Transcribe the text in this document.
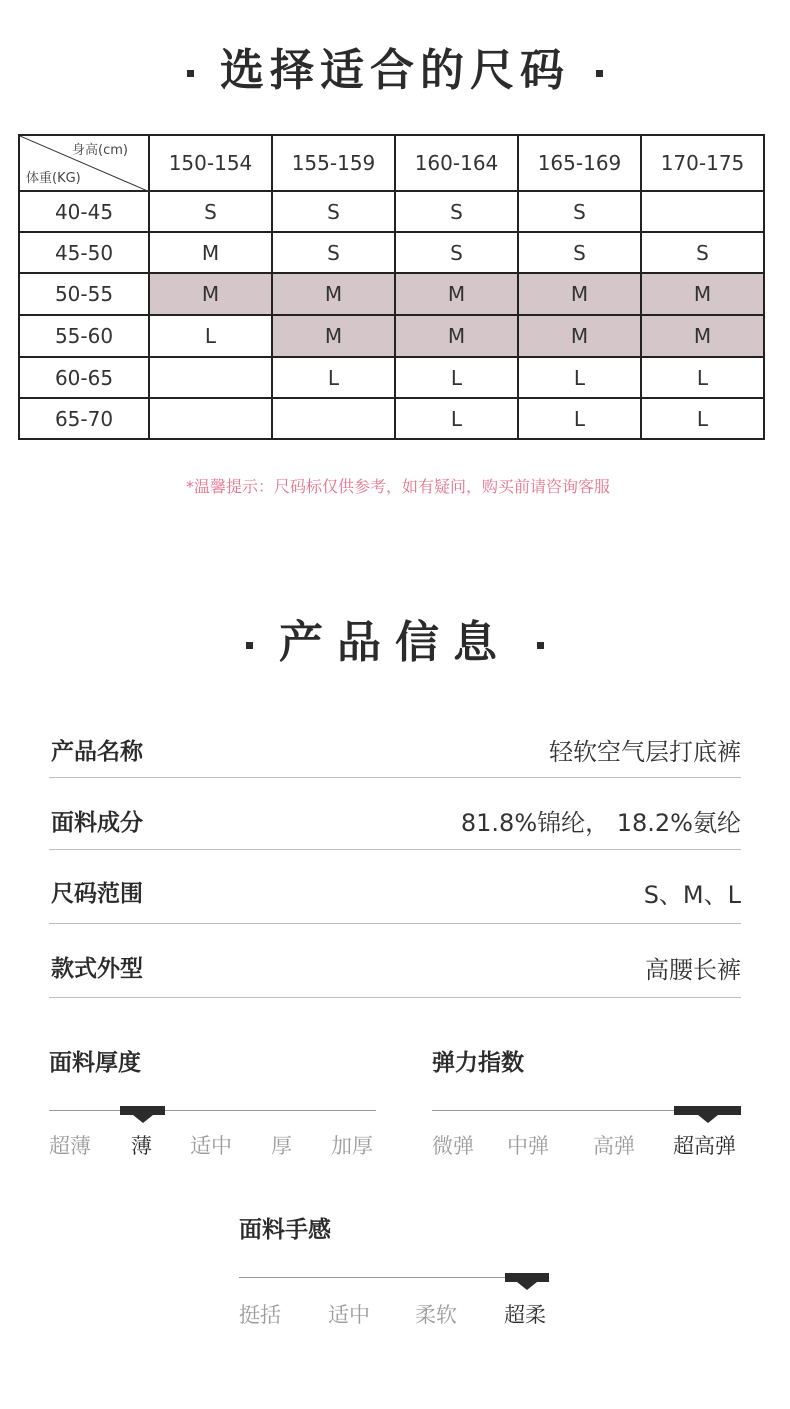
选择适合的尺码
身高(cm)
体重(KG)	150-154	155-159	160-164	165-169	170-175
40-45	S	S	S	S	
45-50	M	S	S	S	S
50-55	M	M	M	M	M
55-60	L	M	M	M	M
60-65		L	L	L	L
65-70			L	L	L
*温馨提示：尺码标仅供参考，如有疑问，购买前请咨询客服
产品信息
产品名称	轻软空气层打底裤
面料成分	81.8%锦纶， 18.2%氨纶
尺码范围	S、M、L
款式外型	高腰长裤
面料厚度
超薄 薄 适中 厚 加厚
弹力指数
微弹 中弹 高弹 超高弹
面料手感
挺括 适中 柔软 超柔
